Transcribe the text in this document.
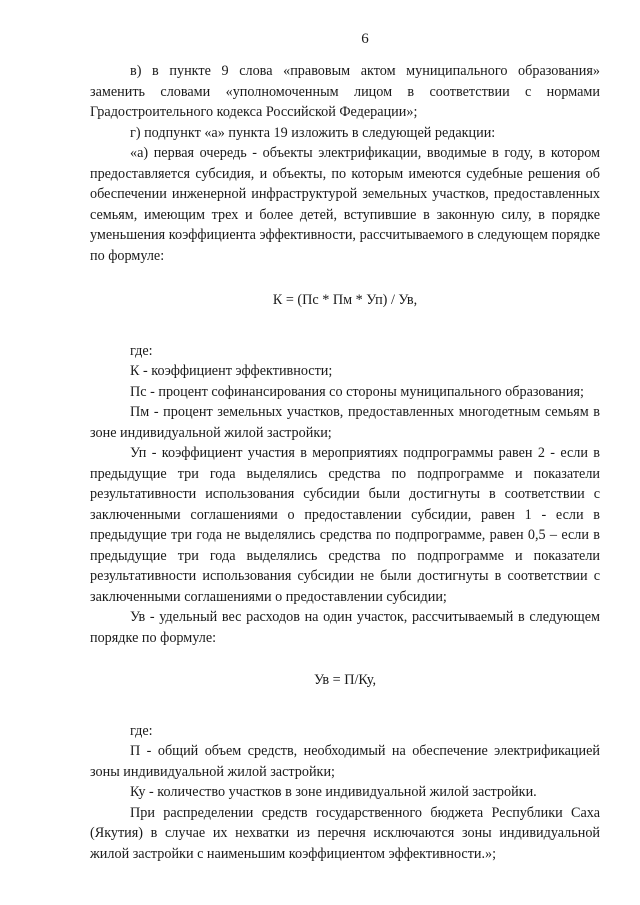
6

в) в пункте 9 слова «правовым актом муниципального образования» заменить словами «уполномоченным лицом в соответствии с нормами Градостроительного кодекса Российской Федерации»;

г) подпункт «а» пункта 19 изложить в следующей редакции:

«а) первая очередь - объекты электрификации, вводимые в году, в котором предоставляется субсидия, и объекты, по которым имеются судебные решения об обеспечении инженерной инфраструктурой земельных участков, предоставленных семьям, имеющим трех и более детей, вступившие в законную силу, в порядке уменьшения коэффициента эффективности, рассчитываемого в следующем порядке по формуле:

К = (Пс * Пм * Уп) / Ув,

где:

К - коэффициент эффективности;

Пс - процент софинансирования со стороны муниципального образования;

Пм - процент земельных участков, предоставленных многодетным семьям в зоне индивидуальной жилой застройки;

Уп - коэффициент участия в мероприятиях подпрограммы равен 2 - если в предыдущие три года выделялись средства по подпрограмме и показатели результативности использования субсидии были достигнуты в соответствии с заключенными соглашениями о предоставлении субсидии, равен 1 - если в предыдущие три года не выделялись средства по подпрограмме, равен 0,5 – если в предыдущие три года выделялись средства по подпрограмме и показатели результативности использования субсидии не были достигнуты в соответствии с заключенными соглашениями о предоставлении субсидии;

Ув - удельный вес расходов на один участок, рассчитываемый в следующем порядке по формуле:

Ув = П/Ку,

где:

П - общий объем средств, необходимый на обеспечение электрификацией зоны индивидуальной жилой застройки;

Ку - количество участков в зоне индивидуальной жилой застройки.

При распределении средств государственного бюджета Республики Саха (Якутия) в случае их нехватки из перечня исключаются зоны индивидуальной жилой застройки с наименьшим коэффициентом эффективности.»;
